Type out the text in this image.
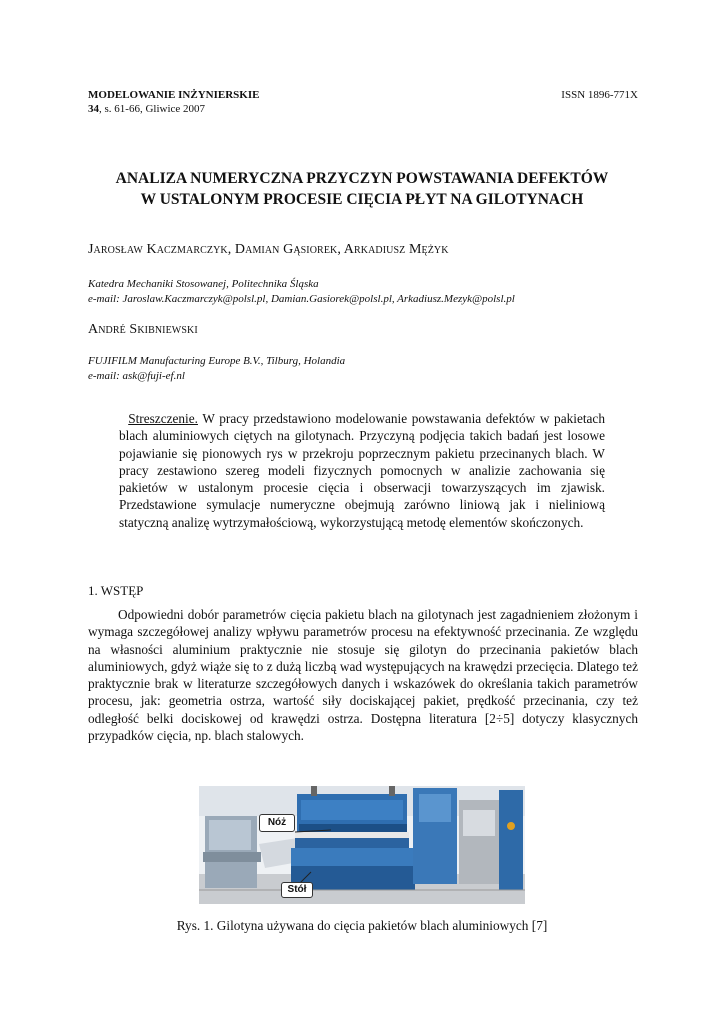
MODELOWANIE INŻYNIERSKIE
34, s. 61-66, Gliwice 2007
ISSN 1896-771X
ANALIZA NUMERYCZNA PRZYCZYN POWSTAWANIA DEFEKTÓW
W USTALONYM PROCESIE CIĘCIA PŁYT NA GILOTYNACH
Jarosław Kaczmarczyk, Damian Gąsiorek, Arkadiusz Mężyk
Katedra Mechaniki Stosowanej, Politechnika Śląska
e-mail: Jaroslaw.Kaczmarczyk@polsl.pl, Damian.Gasiorek@polsl.pl, Arkadiusz.Mezyk@polsl.pl
André Skibniewski
FUJIFILM Manufacturing Europe B.V., Tilburg, Holandia
e-mail: ask@fuji-ef.nl
Streszczenie. W pracy przedstawiono modelowanie powstawania defektów w pakietach blach aluminiowych ciętych na gilotynach. Przyczyną podjęcia takich badań jest losowe pojawianie się pionowych rys w przekroju poprzecznym pakietu przecinanych blach. W pracy zestawiono szereg modeli fizycznych pomocnych w analizie zachowania się pakietów w ustalonym procesie cięcia i obserwacji towarzyszących im zjawisk. Przedstawione symulacje numeryczne obejmują zarówno liniową jak i nieliniową statyczną analizę wytrzymałościową, wykorzystującą metodę elementów skończonych.
1. WSTĘP
Odpowiedni dobór parametrów cięcia pakietu blach na gilotynach jest zagadnieniem złożonym i wymaga szczegółowej analizy wpływu parametrów procesu na efektywność przecinania. Ze względu na własności aluminium praktycznie nie stosuje się gilotyn do przecinania pakietów blach aluminiowych, gdyż wiąże się to z dużą liczbą wad występujących na krawędzi przecięcia. Dlatego też praktycznie brak w literaturze szczegółowych danych i wskazówek do określania takich parametrów procesu, jak: geometria ostrza, wartość siły dociskającej pakiet, prędkość przecinania, czy też odległość belki dociskowej od krawędzi ostrza. Dostępna literatura [2÷5] dotyczy klasycznych przypadków cięcia, np. blach stalowych.
Nóż
Stół
Rys. 1. Gilotyna używana do cięcia pakietów blach aluminiowych [7]
